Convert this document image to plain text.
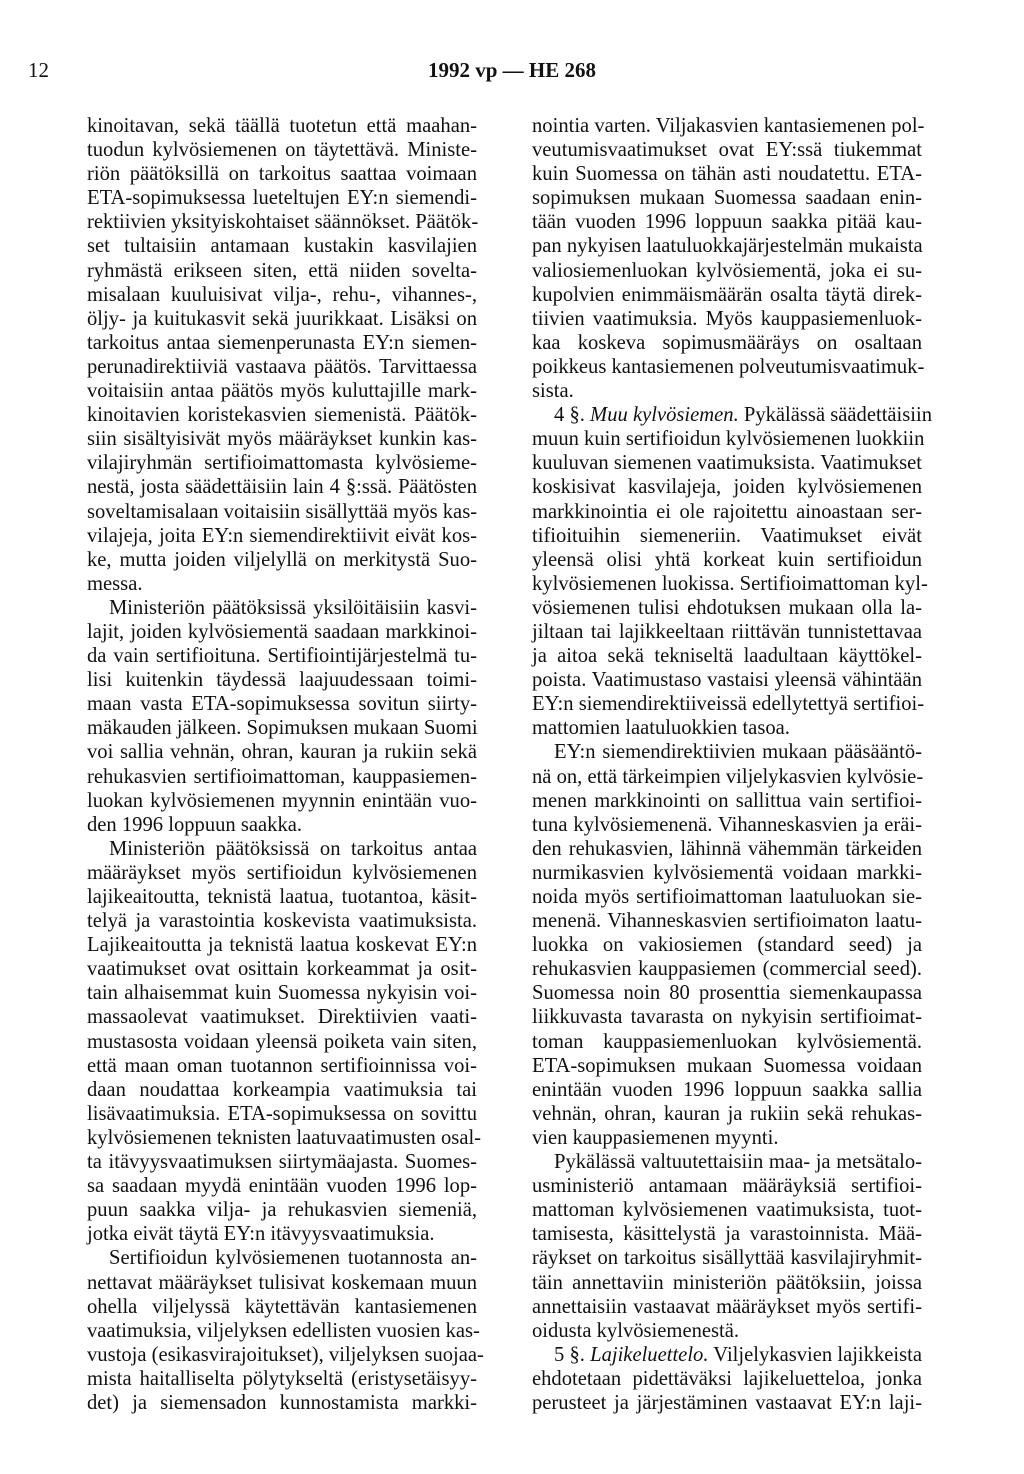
12	1992 vp — HE 268
kinoitavan, sekä täällä tuotetun että maahan-
tuodun kylvösiemenen on täytettävä. Ministe-
riön päätöksillä on tarkoitus saattaa voimaan
ETA-sopimuksessa lueteltujen EY:n siemendi-
rektiivien yksityiskohtaiset säännökset. Päätök-
set tultaisiin antamaan kustakin kasvilajien
ryhmästä erikseen siten, että niiden sovelta-
misalaan kuuluisivat vilja-, rehu-, vihannes-,
öljy- ja kuitukasvit sekä juurikkaat. Lisäksi on
tarkoitus antaa siemenperunasta EY:n siemen-
perunadirektiiviä vastaava päätös. Tarvittaessa
voitaisiin antaa päätös myös kuluttajille mark-
kinoitavien koristekasvien siemenistä. Päätök-
siin sisältyisivät myös määräykset kunkin kas-
vilajiryhmän sertifioimattomasta kylvösieme-
nestä, josta säädettäisiin lain 4 §:ssä. Päätösten
soveltamisalaan voitaisiin sisällyttää myös kas-
vilajeja, joita EY:n siemendirektiivit eivät kos-
ke, mutta joiden viljelyllä on merkitystä Suo-
messa.
Ministeriön päätöksissä yksilöitäisiin kasvi-
lajit, joiden kylvösiementä saadaan markkinoi-
da vain sertifioituna. Sertifiointijärjestelmä tu-
lisi kuitenkin täydessä laajuudessaan toimi-
maan vasta ETA-sopimuksessa sovitun siirty-
mäkauden jälkeen. Sopimuksen mukaan Suomi
voi sallia vehnän, ohran, kauran ja rukiin sekä
rehukasvien sertifioimattoman, kauppasiemen-
luokan kylvösiemenen myynnin enintään vuo-
den 1996 loppuun saakka.
Ministeriön päätöksissä on tarkoitus antaa
määräykset myös sertifioidun kylvösiemenen
lajikeaitoutta, teknistä laatua, tuotantoa, käsit-
telyä ja varastointia koskevista vaatimuksista.
Lajikeaitoutta ja teknistä laatua koskevat EY:n
vaatimukset ovat osittain korkeammat ja osit-
tain alhaisemmat kuin Suomessa nykyisin voi-
massaolevat vaatimukset. Direktiivien vaati-
mustasosta voidaan yleensä poiketa vain siten,
että maan oman tuotannon sertifioinnissa voi-
daan noudattaa korkeampia vaatimuksia tai
lisävaatimuksia. ETA-sopimuksessa on sovittu
kylvösiemenen teknisten laatuvaatimusten osal-
ta itävyysvaatimuksen siirtymäajasta. Suomes-
sa saadaan myydä enintään vuoden 1996 lop-
puun saakka vilja- ja rehukasvien siemeniä,
jotka eivät täytä EY:n itävyysvaatimuksia.
Sertifioidun kylvösiemenen tuotannosta an-
nettavat määräykset tulisivat koskemaan muun
ohella viljelyssä käytettävän kantasiemenen
vaatimuksia, viljelyksen edellisten vuosien kas-
vustoja (esikasvirajoitukset), viljelyksen suojaa-
mista haitalliselta pölytykseltä (eristysetäisyy-
det) ja siemensadon kunnostamista markki-
nointia varten. Viljakasvien kantasiemenen pol-
veutumisvaatimukset ovat EY:ssä tiukemmat
kuin Suomessa on tähän asti noudatettu. ETA-
sopimuksen mukaan Suomessa saadaan enin-
tään vuoden 1996 loppuun saakka pitää kau-
pan nykyisen laatuluokkajärjestelmän mukaista
valiosiemenluokan kylvösiementä, joka ei su-
kupolvien enimmäismäärän osalta täytä direk-
tiivien vaatimuksia. Myös kauppasiemenluok-
kaa koskeva sopimusmääräys on osaltaan
poikkeus kantasiemenen polveutumisvaatimuk-
sista.
4 §. Muu kylvösiemen. Pykälässä säädettäisiin
muun kuin sertifioidun kylvösiemenen luokkiin
kuuluvan siemenen vaatimuksista. Vaatimukset
koskisivat kasvilajeja, joiden kylvösiemenen
markkinointia ei ole rajoitettu ainoastaan ser-
tifioituihin siemeneriin. Vaatimukset eivät
yleensä olisi yhtä korkeat kuin sertifioidun
kylvösiemenen luokissa. Sertifioimattoman kyl-
vösiemenen tulisi ehdotuksen mukaan olla la-
jiltaan tai lajikkeeltaan riittävän tunnistettavaa
ja aitoa sekä tekniseltä laadultaan käyttökel-
poista. Vaatimustaso vastaisi yleensä vähintään
EY:n siemendirektiiveissä edellytettyä sertifioi-
mattomien laatuluokkien tasoa.
EY:n siemendirektiivien mukaan pääsääntö-
nä on, että tärkeimpien viljelykasvien kylvösie-
menen markkinointi on sallittua vain sertifioi-
tuna kylvösiemenenä. Vihanneskasvien ja eräi-
den rehukasvien, lähinnä vähemmän tärkeiden
nurmikasvien kylvösiementä voidaan markki-
noida myös sertifioimattoman laatuluokan sie-
menenä. Vihanneskasvien sertifioimaton laatu-
luokka on vakiosiemen (standard seed) ja
rehukasvien kauppasiemen (commercial seed).
Suomessa noin 80 prosenttia siemenkaupassa
liikkuvasta tavarasta on nykyisin sertifioimat-
toman kauppasiemenluokan kylvösiementä.
ETA-sopimuksen mukaan Suomessa voidaan
enintään vuoden 1996 loppuun saakka sallia
vehnän, ohran, kauran ja rukiin sekä rehukas-
vien kauppasiemenen myynti.
Pykälässä valtuutettaisiin maa- ja metsätalo-
usministeriö antamaan määräyksiä sertifioi-
mattoman kylvösiemenen vaatimuksista, tuot-
tamisesta, käsittelystä ja varastoinnista. Mää-
räykset on tarkoitus sisällyttää kasvilajiryhmit-
täin annettaviin ministeriön päätöksiin, joissa
annettaisiin vastaavat määräykset myös sertifi-
oidusta kylvösiemenestä.
5 §. Lajikeluettelo. Viljelykasvien lajikkeista
ehdotetaan pidettäväksi lajikeluetteloa, jonka
perusteet ja järjestäminen vastaavat EY:n laji-
